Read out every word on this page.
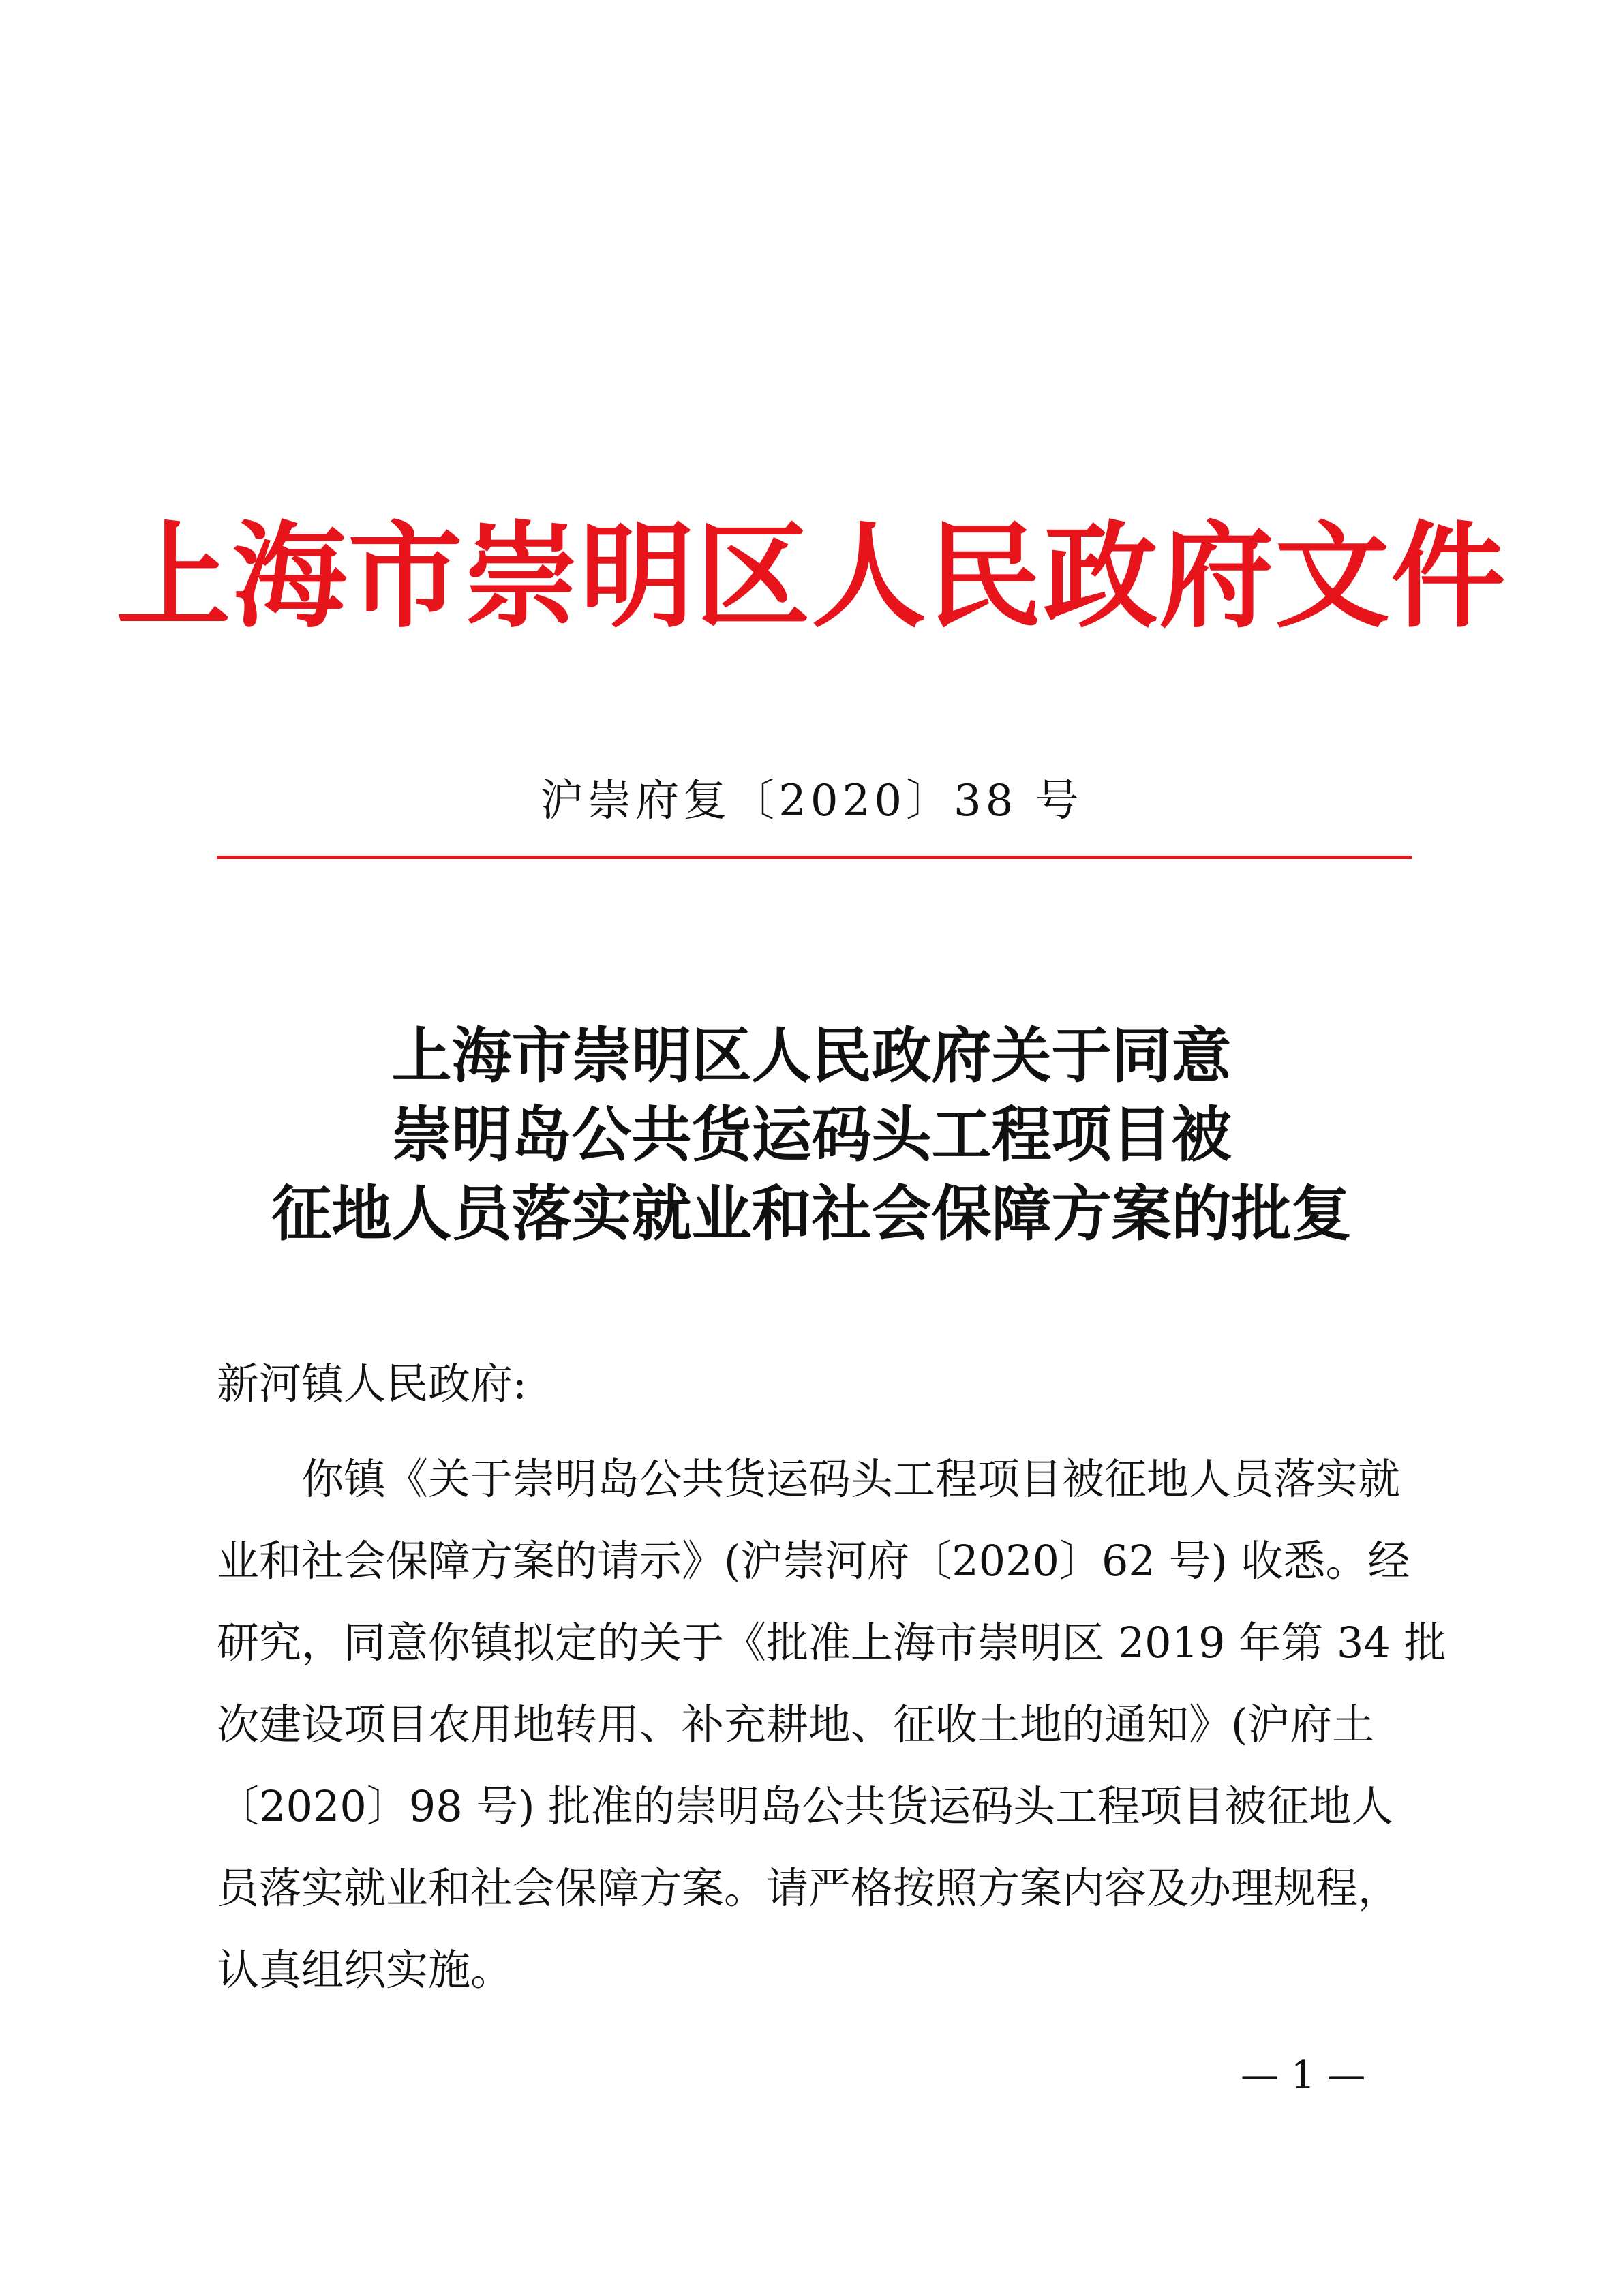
上海市崇明区人民政府文件
沪崇府复〔2020〕38 号
上海市崇明区人民政府关于同意
崇明岛公共货运码头工程项目被
征地人员落实就业和社会保障方案的批复
新河镇人民政府:
　　你镇《关于崇明岛公共货运码头工程项目被征地人员落实就
业和社会保障方案的请示》(沪崇河府〔2020〕62 号) 收悉。经
研究，同意你镇拟定的关于《批准上海市崇明区 2019 年第 34 批
次建设项目农用地转用、补充耕地、征收土地的通知》(沪府土
〔2020〕98 号) 批准的崇明岛公共货运码头工程项目被征地人
员落实就业和社会保障方案。请严格按照方案内容及办理规程，
认真组织实施。
— 1 —
